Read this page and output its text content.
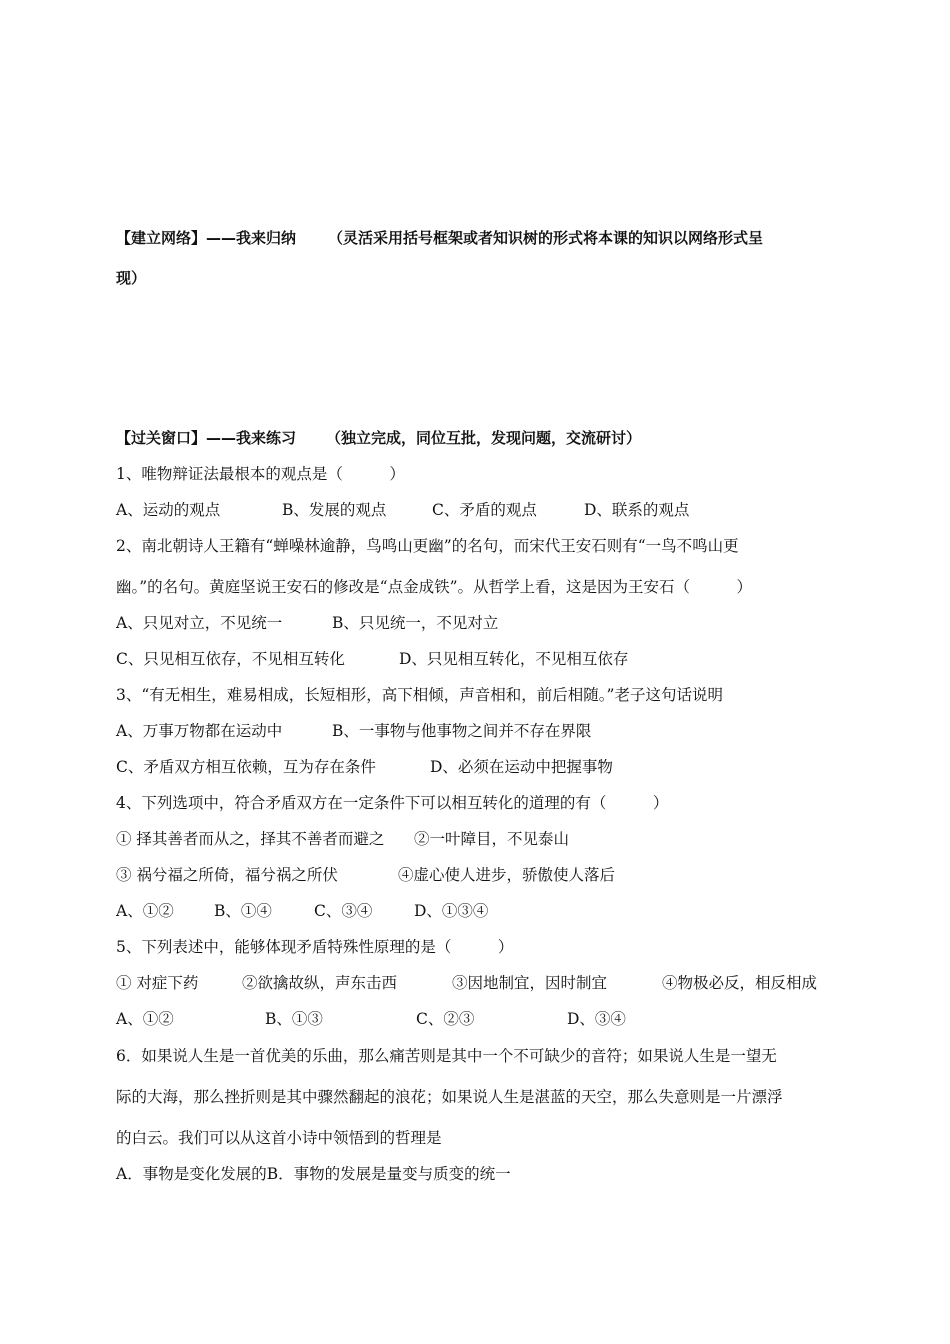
【建立网络】——我来归纳 （灵活采用括号框架或者知识树的形式将本课的知识以网络形式呈
现）
【过关窗口】——我来练习 （独立完成，同位互批，发现问题，交流研讨）
1、唯物辩证法最根本的观点是（　　　）
A、运动的观点	B、发展的观点	C、矛盾的观点	D、联系的观点
2、南北朝诗人王籍有“蝉噪林逾静，鸟鸣山更幽”的名句，而宋代王安石则有“一鸟不鸣山更
幽。”的名句。黄庭坚说王安石的修改是“点金成铁”。从哲学上看，这是因为王安石（　　　）
A、只见对立，不见统一	B、只见统一，不见对立
C、只见相互依存，不见相互转化	D、只见相互转化，不见相互依存
3、“有无相生，难易相成，长短相形，高下相倾，声音相和，前后相随。”老子这句话说明
A、万事万物都在运动中	B、一事物与他事物之间并不存在界限
C、矛盾双方相互依赖，互为存在条件	D、必须在运动中把握事物
4、下列选项中，符合矛盾双方在一定条件下可以相互转化的道理的有（　　　）
① 择其善者而从之，择其不善者而避之 ②一叶障目，不见泰山
③ 祸兮福之所倚，福兮祸之所伏	④虚心使人进步，骄傲使人落后
A、①②	B、①④	C、③④	D、①③④
5、下列表述中，能够体现矛盾特殊性原理的是（　　　）
① 对症下药	②欲擒故纵，声东击西	③因地制宜，因时制宜	④物极必反，相反相成
A、①②	B、①③	C、②③	D、③④
6．如果说人生是一首优美的乐曲，那么痛苦则是其中一个不可缺少的音符；如果说人生是一望无
际的大海，那么挫折则是其中骤然翻起的浪花；如果说人生是湛蓝的天空，那么失意则是一片漂浮
的白云。我们可以从这首小诗中领悟到的哲理是
A．事物是变化发展的B．事物的发展是量变与质变的统一
